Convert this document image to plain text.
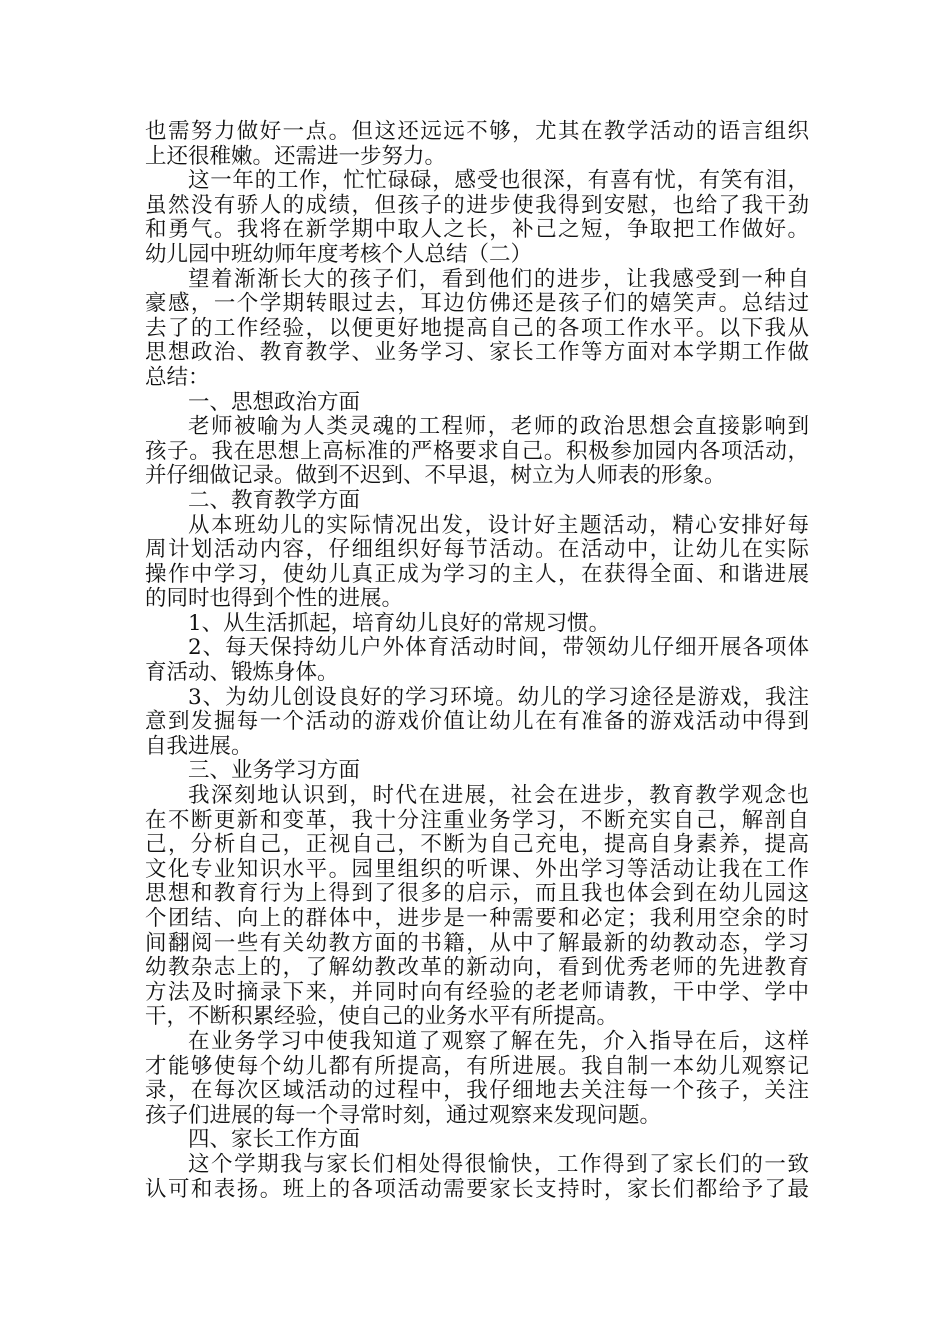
也需努力做好一点。但这还远远不够，尤其在教学活动的语言组织
上还很稚嫩。还需进一步努力。
这一年的工作，忙忙碌碌，感受也很深，有喜有忧，有笑有泪，
虽然没有骄人的成绩，但孩子的进步使我得到安慰，也给了我干劲
和勇气。我将在新学期中取人之长，补己之短，争取把工作做好。
幼儿园中班幼师年度考核个人总结（二）
望着渐渐长大的孩子们，看到他们的进步，让我感受到一种自
豪感，一个学期转眼过去，耳边仿佛还是孩子们的嬉笑声。总结过
去了的工作经验，以便更好地提高自己的各项工作水平。以下我从
思想政治、教育教学、业务学习、家长工作等方面对本学期工作做
总结：
一、思想政治方面
老师被喻为人类灵魂的工程师，老师的政治思想会直接影响到
孩子。我在思想上高标准的严格要求自己。积极参加园内各项活动，
并仔细做记录。做到不迟到、不早退，树立为人师表的形象。
二、教育教学方面
从本班幼儿的实际情况出发，设计好主题活动，精心安排好每
周计划活动内容，仔细组织好每节活动。在活动中，让幼儿在实际
操作中学习，使幼儿真正成为学习的主人，在获得全面、和谐进展
的同时也得到个性的进展。
1、从生活抓起，培育幼儿良好的常规习惯。
2、每天保持幼儿户外体育活动时间，带领幼儿仔细开展各项体
育活动、锻炼身体。
3、为幼儿创设良好的学习环境。幼儿的学习途径是游戏，我注
意到发掘每一个活动的游戏价值让幼儿在有准备的游戏活动中得到
自我进展。
三、业务学习方面
我深刻地认识到，时代在进展，社会在进步，教育教学观念也
在不断更新和变革，我十分注重业务学习，不断充实自己，解剖自
己，分析自己，正视自己，不断为自己充电，提高自身素养，提高
文化专业知识水平。园里组织的听课、外出学习等活动让我在工作
思想和教育行为上得到了很多的启示，而且我也体会到在幼儿园这
个团结、向上的群体中，进步是一种需要和必定；我利用空余的时
间翻阅一些有关幼教方面的书籍，从中了解最新的幼教动态，学习
幼教杂志上的，了解幼教改革的新动向，看到优秀老师的先进教育
方法及时摘录下来，并同时向有经验的老老师请教，干中学、学中
干，不断积累经验，使自己的业务水平有所提高。
在业务学习中使我知道了观察了解在先，介入指导在后，这样
才能够使每个幼儿都有所提高，有所进展。我自制一本幼儿观察记
录，在每次区域活动的过程中，我仔细地去关注每一个孩子，关注
孩子们进展的每一个寻常时刻，通过观察来发现问题。
四、家长工作方面
这个学期我与家长们相处得很愉快，工作得到了家长们的一致
认可和表扬。班上的各项活动需要家长支持时，家长们都给予了最
